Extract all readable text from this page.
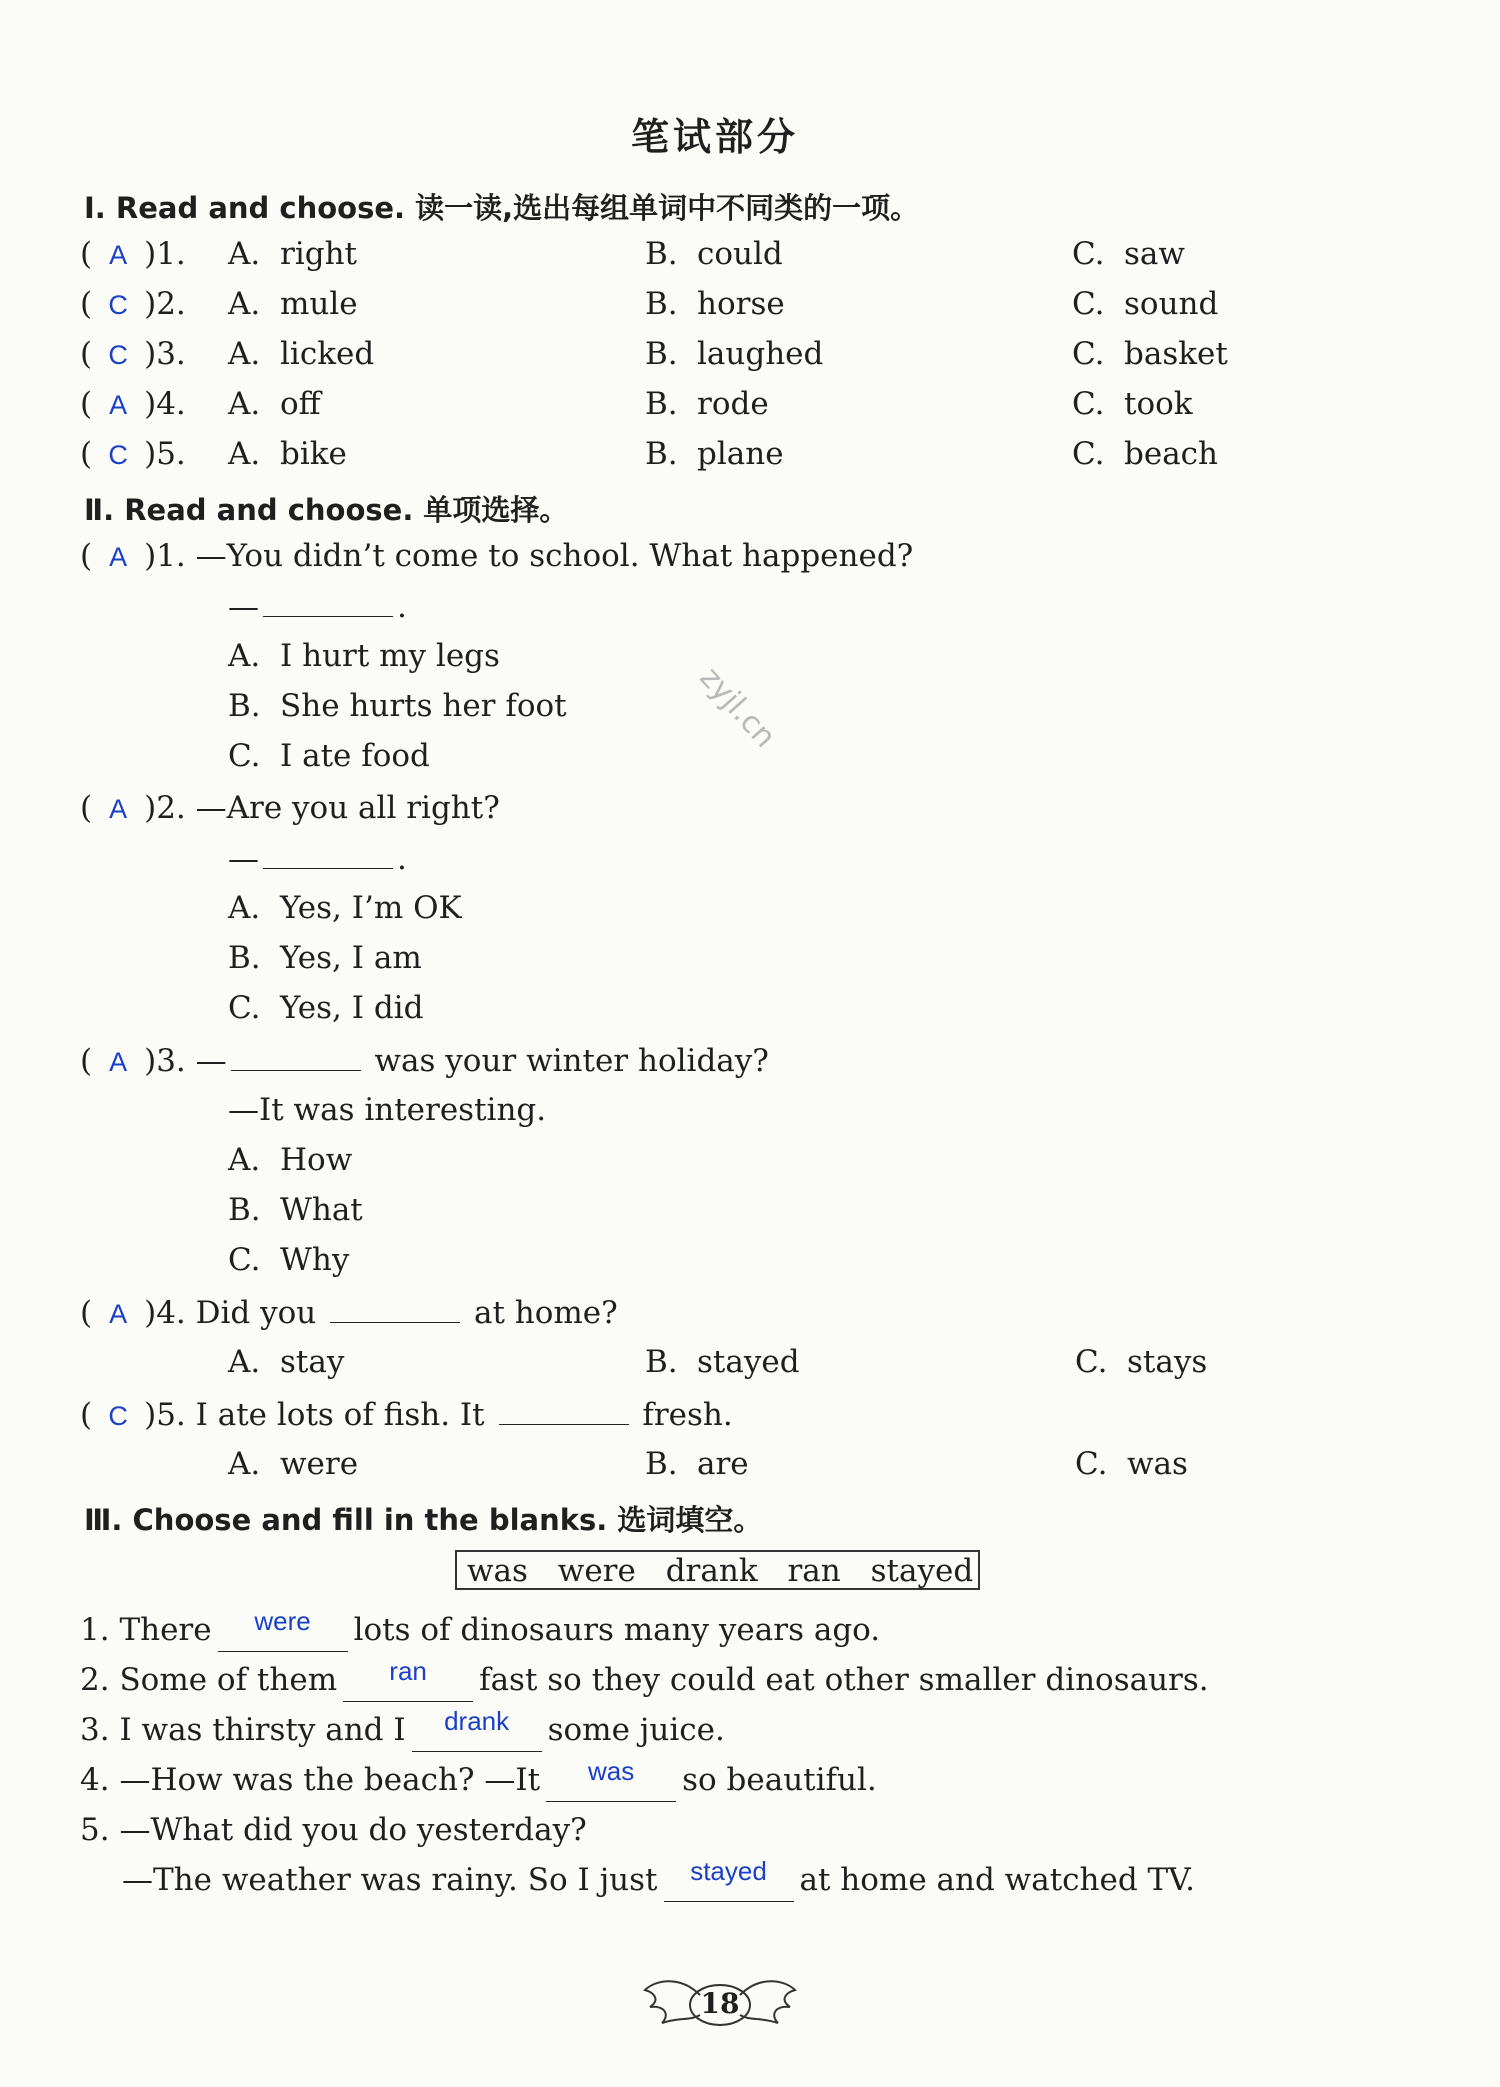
笔试部分
Ⅰ. Read and choose. 读一读,选出每组单词中不同类的一项。
( A )1. A. right	B. could	C. saw
( C )2. A. mule	B. horse	C. sound
( C )3. A. licked	B. laughed	C. basket
( A )4. A. off	B. rode	C. took
( C )5. A. bike	B. plane	C. beach
Ⅱ. Read and choose. 单项选择。
( A )1. —You didn’t come to school. What happened?
—	.
A. I hurt my legs
B. She hurts her foot
C. I ate food
( A )2. —Are you all right?
—	.
A. Yes, I’m OK
B. Yes, I am
C. Yes, I did
( A )3. —	was your winter holiday?
—It was interesting.
A. How
B. What
C. Why
( A )4. Did you	at home?
A. stay	B. stayed	C. stays
( C )5. I ate lots of fish. It	fresh.
A. were	B. are	C. was
Ⅲ. Choose and fill in the blanks. 选词填空。
was were drank ran stayed
1. There $^{were}$ lots of dinosaurs many years ago.
2. Some of them $^{ran}$ fast so they could eat other smaller dinosaurs.
3. I was thirsty and I $^{drank}$ some juice.
4. —How was the beach? —It $^{was}$ so beautiful.
5. —What did you do yesterday?
—The weather was rainy. So I just $^{stayed}$ at home and watched TV.
zyjl.cn
18
